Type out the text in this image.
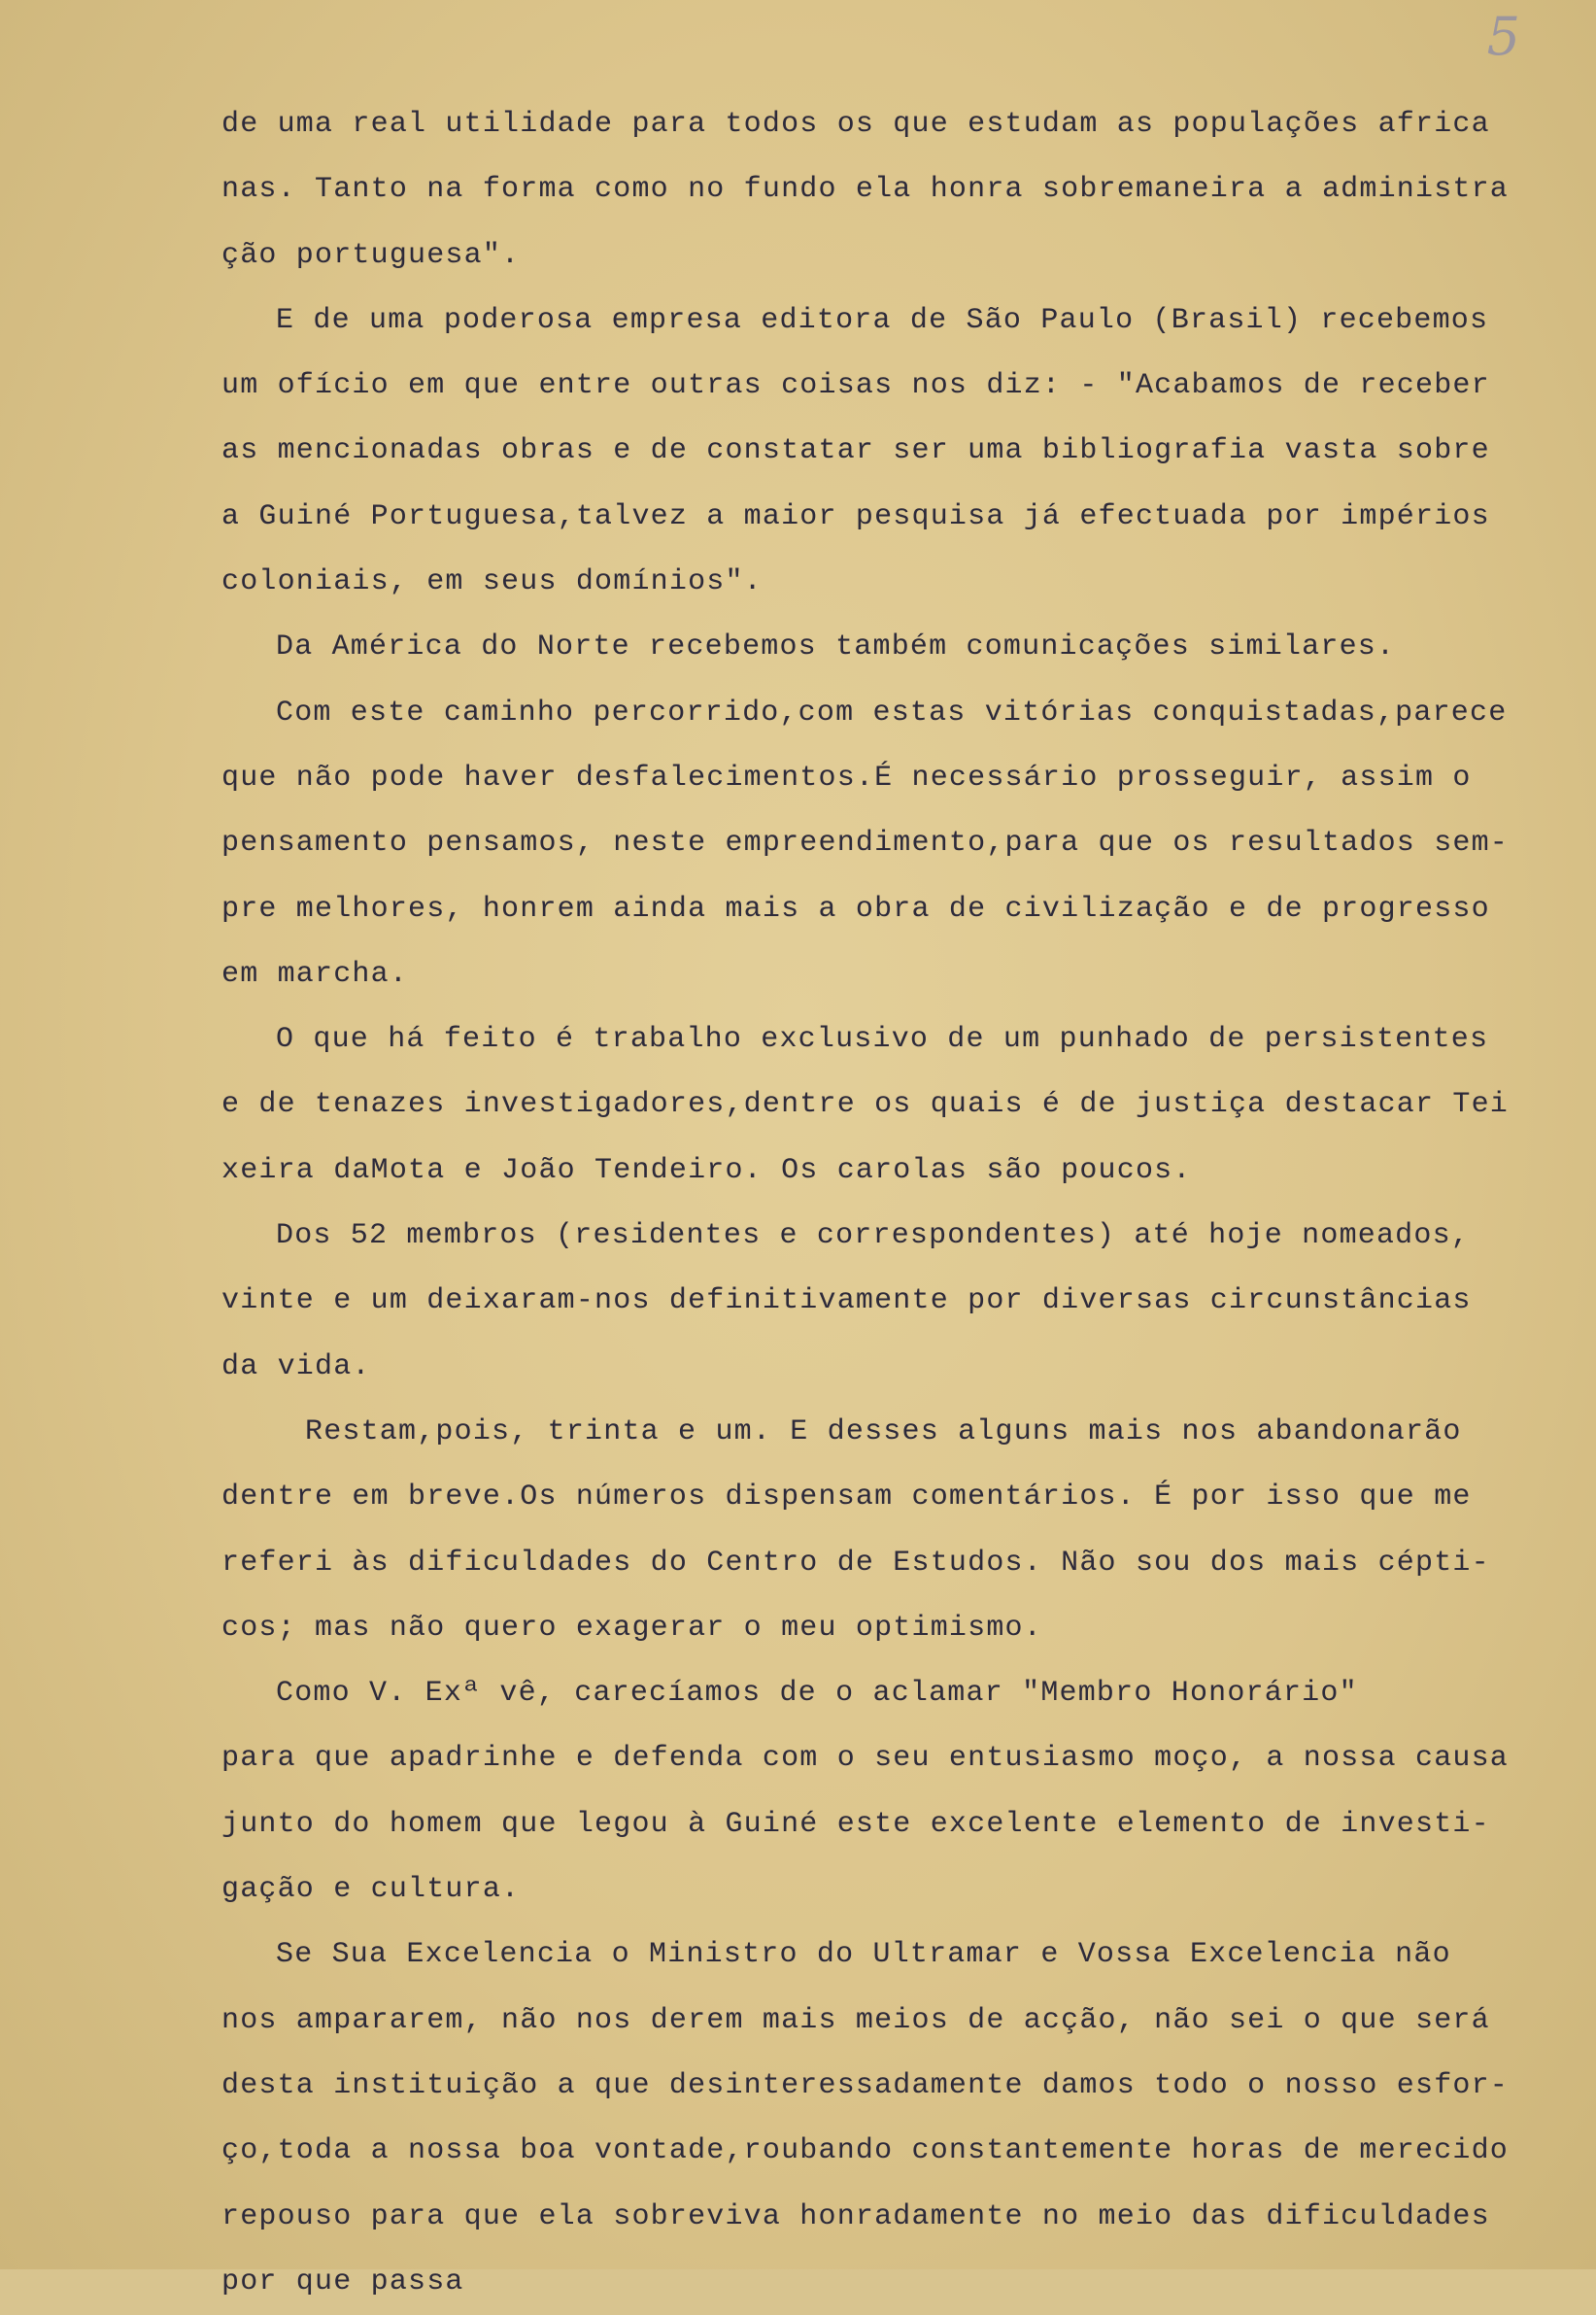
5
de uma real utilidade para todos os que estudam as populações africa
nas. Tanto na forma como no fundo ela honra sobremaneira a administra
ção portuguesa".
E de uma poderosa empresa editora de São Paulo (Brasil) recebemos
um ofício em que entre outras coisas nos diz: - "Acabamos de receber
as mencionadas obras e de constatar ser uma bibliografia vasta sobre
a Guiné Portuguesa,talvez a maior pesquisa já efectuada por impérios
coloniais, em seus domínios".
Da América do Norte recebemos também comunicações similares.
Com este caminho percorrido,com estas vitórias conquistadas,parece
que não pode haver desfalecimentos.É necessário prosseguir, assim o
pensamento pensamos, neste empreendimento,para que os resultados sem-
pre melhores, honrem ainda mais a obra de civilização e de progresso
em marcha.
O que há feito é trabalho exclusivo de um punhado de persistentes
e de tenazes investigadores,dentre os quais é de justiça destacar Tei
xeira daMota e João Tendeiro. Os carolas são poucos.
Dos 52 membros (residentes e correspondentes) até hoje nomeados,
vinte e um deixaram-nos definitivamente por diversas circunstâncias
da vida.
Restam,pois, trinta e um. E desses alguns mais nos abandonarão
dentre em breve.Os números dispensam comentários. É por isso que me
referi às dificuldades do Centro de Estudos. Não sou dos mais cépti-
cos; mas não quero exagerar o meu optimismo.
Como V. Exª vê, carecíamos de o aclamar "Membro Honorário"
para que apadrinhe e defenda com o seu entusiasmo moço, a nossa causa
junto do homem que legou à Guiné este excelente elemento de investi-
gação e cultura.
Se Sua Excelencia o Ministro do Ultramar e Vossa Excelencia não
nos ampararem, não nos derem mais meios de acção, não sei o que será
desta instituição a que desinteressadamente damos todo o nosso esfor-
ço,toda a nossa boa vontade,roubando constantemente horas de merecido
repouso para que ela sobreviva honradamente no meio das dificuldades
por que passa
